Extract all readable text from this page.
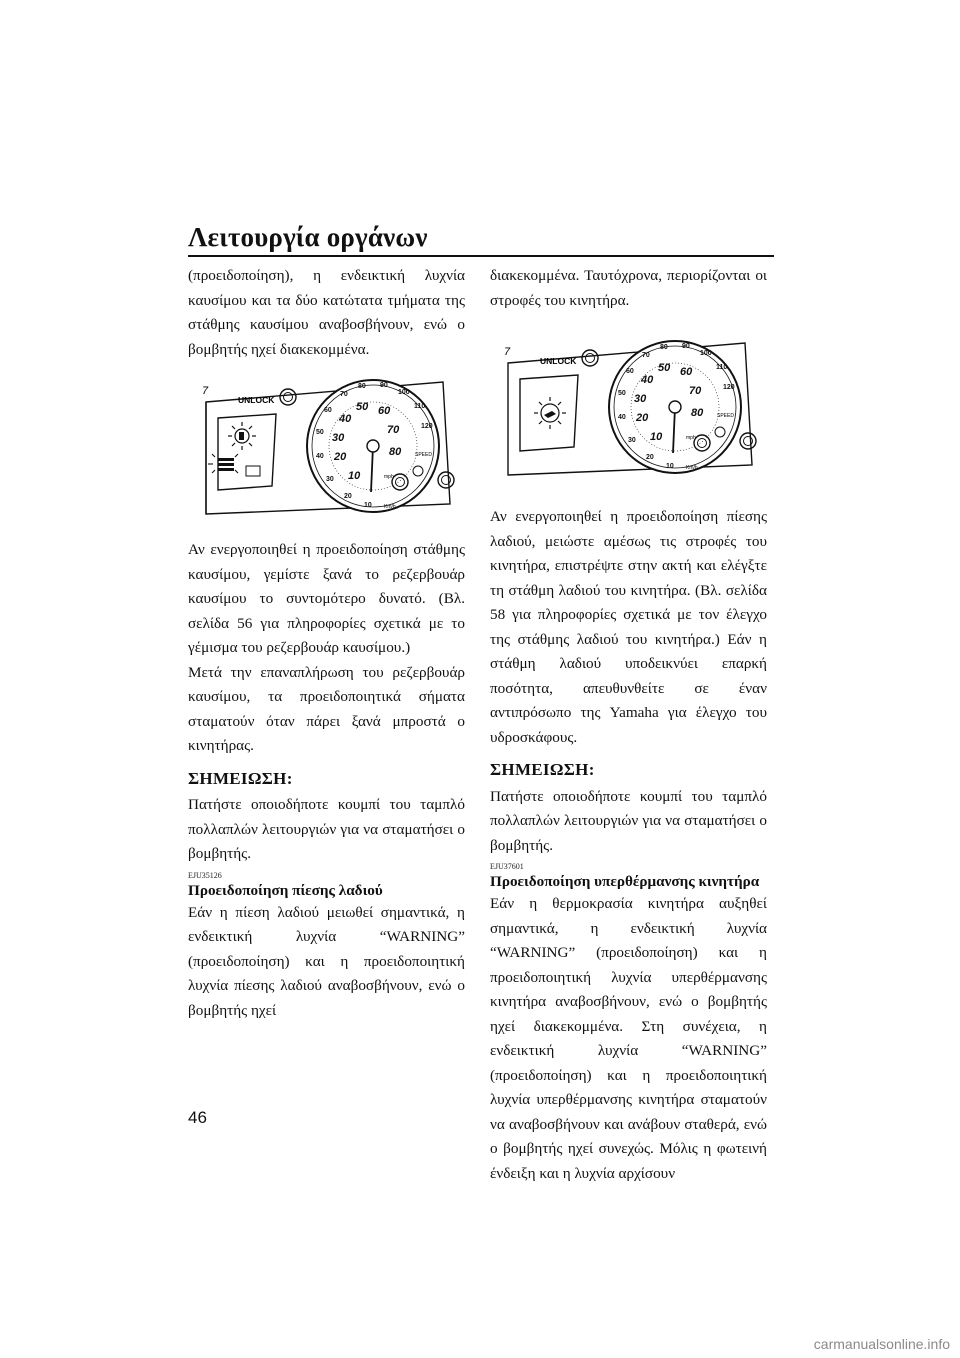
Λειτουργία οργάνων

(προειδοποίηση), η ενδεικτική λυχνία καυσίμου και τα δύο κατώτατα τμήματα της στάθμης καυσίμου αναβοσβήνουν, ενώ ο βομβητής ηχεί διακεκομμένα.

7
UNLOCK
10
20
30
40
50
60
70
80 90
100
110
120
10
20
30
40
50 60
70
80	SPEED
Km/h
mph

Αν ενεργοποιηθεί η προειδοποίηση στάθμης καυσίμου, γεμίστε ξανά το ρεζερβουάρ καυσίμου το συντομότερο δυνατό. (Βλ. σελίδα 56 για πληροφορίες σχετικά με το γέμισμα του ρεζερβουάρ καυσίμου.)

Μετά την επαναπλήρωση του ρεζερβουάρ καυσίμου, τα προειδοποιητικά σήματα σταματούν όταν πάρει ξανά μπροστά ο κινητήρας.

ΣΗΜΕΙΩΣΗ:

Πατήστε οποιοδήποτε κουμπί του ταμπλό πολλαπλών λειτουργιών για να σταματήσει ο βομβητής.

EJU35126
Προειδοποίηση πίεσης λαδιού

Εάν η πίεση λαδιού μειωθεί σημαντικά, η ενδεικτική λυχνία “WARNING” (προειδοποίηση) και η προειδοποιητική λυχνία πίεσης λαδιού αναβοσβήνουν, ενώ ο βομβητής ηχεί

διακεκομμένα. Ταυτόχρονα, περιορίζονται οι στροφές του κινητήρα.

7
UNLOCK
10
20
30
40
50
60
70
80 90
100
110
120
10
20
30
40
50 60
70
80	SPEED
Km/h
mph

Αν ενεργοποιηθεί η προειδοποίηση πίεσης λαδιού, μειώστε αμέσως τις στροφές του κινητήρα, επιστρέψτε στην ακτή και ελέγξτε τη στάθμη λαδιού του κινητήρα. (Βλ. σελίδα 58 για πληροφορίες σχετικά με τον έλεγχο της στάθμης λαδιού του κινητήρα.) Εάν η στάθμη λαδιού υποδεικνύει επαρκή ποσότητα, απευθυνθείτε σε έναν αντιπρόσωπο της Yamaha για έλεγχο του υδροσκάφους.

ΣΗΜΕΙΩΣΗ:

Πατήστε οποιοδήποτε κουμπί του ταμπλό πολλαπλών λειτουργιών για να σταματήσει ο βομβητής.

EJU37601
Προειδοποίηση υπερθέρμανσης κινητήρα

Εάν η θερμοκρασία κινητήρα αυξηθεί σημαντικά, η ενδεικτική λυχνία “WARNING” (προειδοποίηση) και η προειδοποιητική λυχνία υπερθέρμανσης κινητήρα αναβοσβήνουν, ενώ ο βομβητής ηχεί διακεκομμένα. Στη συνέχεια, η ενδεικτική λυχνία “WARNING” (προειδοποίηση) και η προειδοποιητική λυχνία υπερθέρμανσης κινητήρα σταματούν να αναβοσβήνουν και ανάβουν σταθερά, ενώ ο βομβητής ηχεί συνεχώς. Μόλις η φωτεινή ένδειξη και η λυχνία αρχίσουν

46
carmanualsonline.info
